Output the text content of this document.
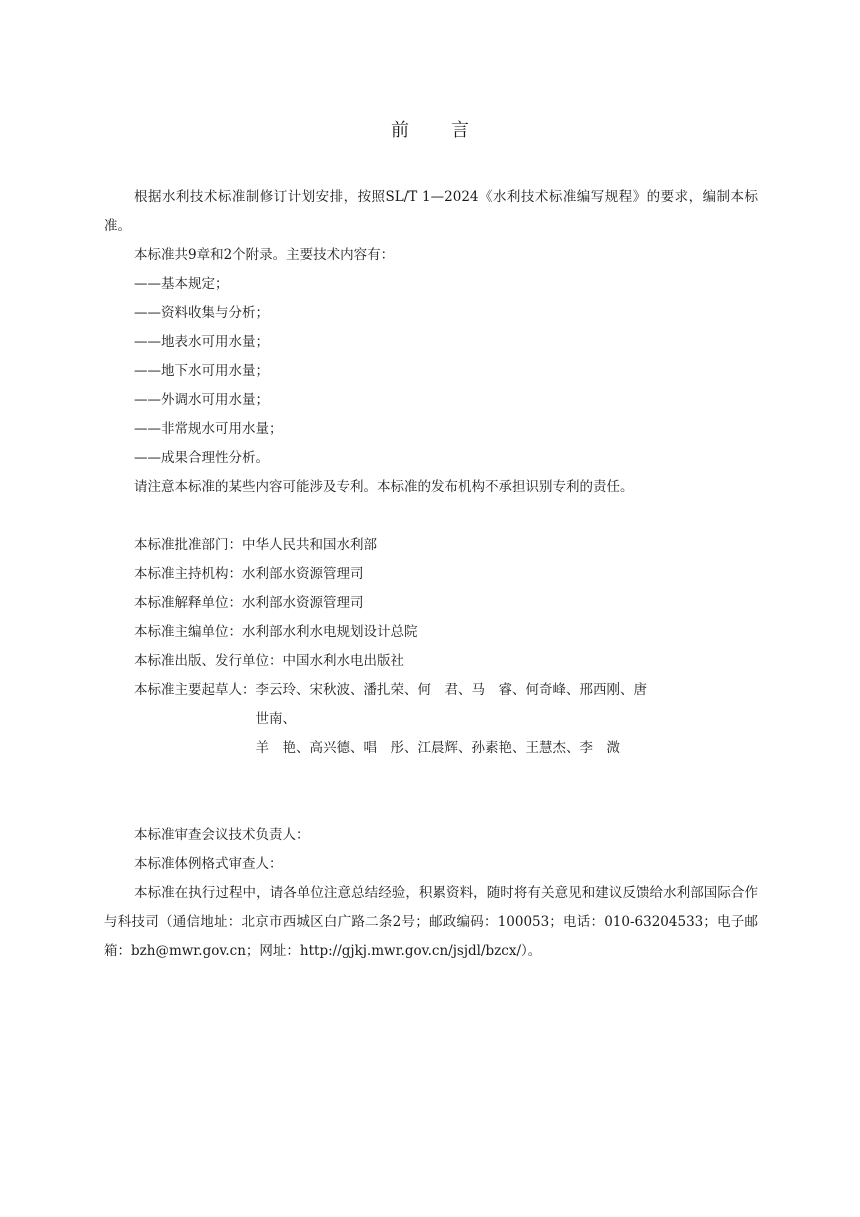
前言

根据水利技术标准制修订计划安排，按照SL/T 1—2024《水利技术标准编写规程》的要求，编制本标准。

本标准共9章和2个附录。主要技术内容有：

——基本规定；

——资料收集与分析；

——地表水可用水量；

——地下水可用水量；

——外调水可用水量；

——非常规水可用水量；

——成果合理性分析。

请注意本标准的某些内容可能涉及专利。本标准的发布机构不承担识别专利的责任。

本标准批准部门：中华人民共和国水利部

本标准主持机构：水利部水资源管理司

本标准解释单位：水利部水资源管理司

本标准主编单位：水利部水利水电规划设计总院

本标准出版、发行单位：中国水利水电出版社

本标准主要起草人： 李云玲、宋秋波、潘扎荣、何　君、马　睿、何奇峰、邢西刚、唐世南、
羊　艳、高兴德、唱　彤、江晨辉、孙素艳、王慧杰、李　溦

本标准审查会议技术负责人：

本标准体例格式审查人：

本标准在执行过程中，请各单位注意总结经验，积累资料，随时将有关意见和建议反馈给水利部国际合作与科技司（通信地址：北京市西城区白广路二条2号；邮政编码：100053；电话：010-63204533；电子邮箱：bzh@mwr.gov.cn；网址：http://gjkj.mwr.gov.cn/jsjdl/bzcx/）。
